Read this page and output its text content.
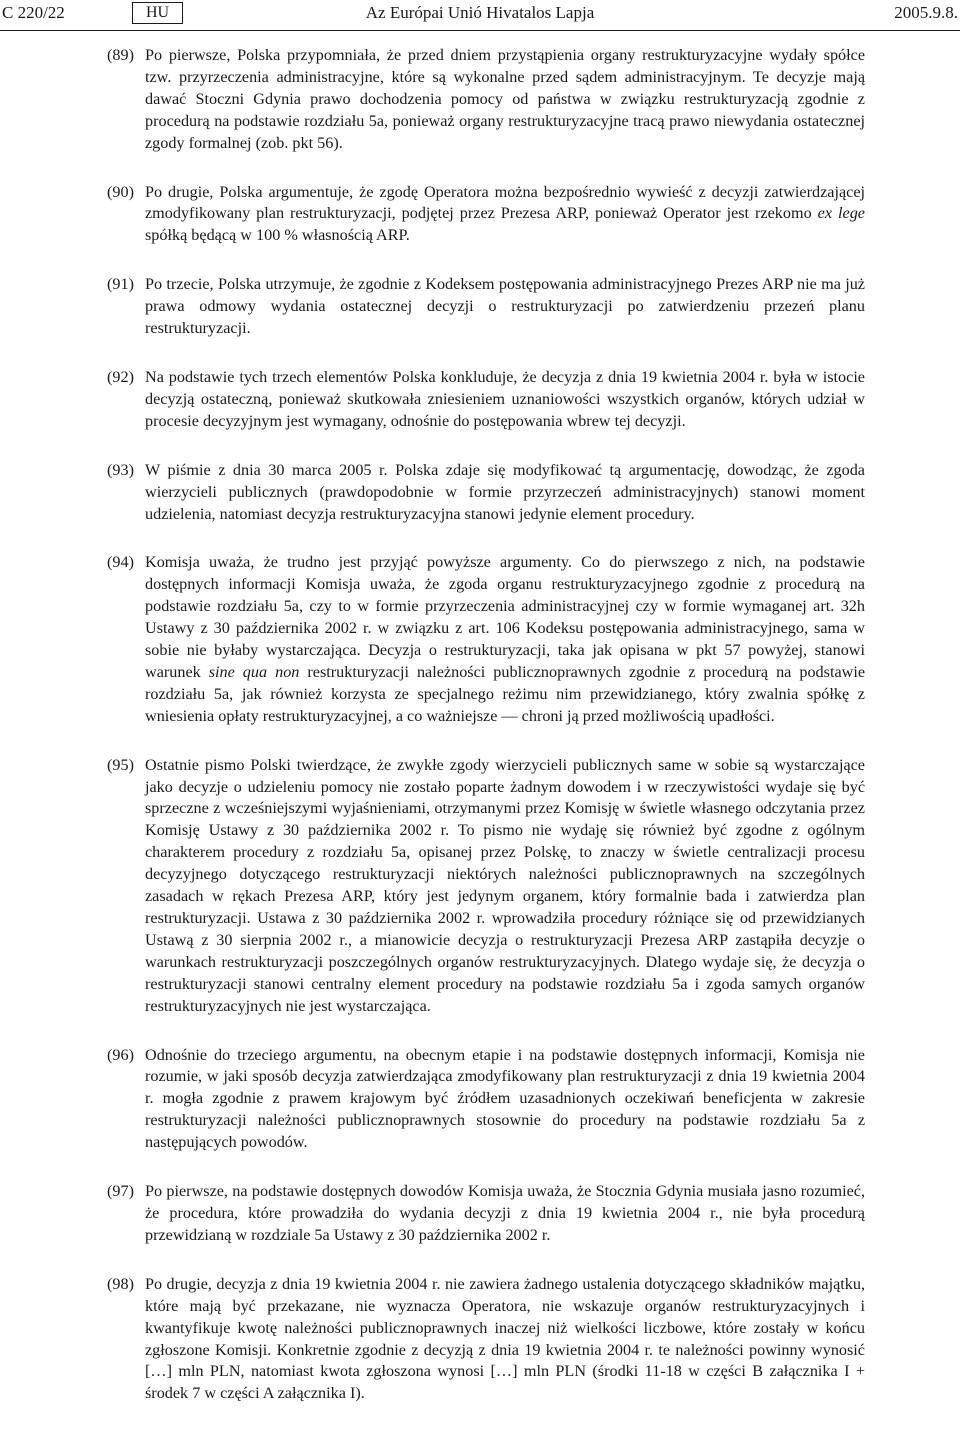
C 220/22	HU	Az Európai Unió Hivatalos Lapja	2005.9.8.
(89) Po pierwsze, Polska przypomniała, że przed dniem przystąpienia organy restrukturyzacyjne wydały spółce tzw. przyrzeczenia administracyjne, które są wykonalne przed sądem administracyjnym. Te decyzje mają dawać Stoczni Gdynia prawo dochodzenia pomocy od państwa w związku restrukturyzacją zgodnie z procedurą na podstawie rozdziału 5a, ponieważ organy restrukturyzacyjne tracą prawo niewydania ostatecznej zgody formalnej (zob. pkt 56).
(90) Po drugie, Polska argumentuje, że zgodę Operatora można bezpośrednio wywieść z decyzji zatwierdzającej zmodyfikowany plan restrukturyzacji, podjętej przez Prezesa ARP, ponieważ Operator jest rzekomo ex lege spółką będącą w 100 % własnością ARP.
(91) Po trzecie, Polska utrzymuje, że zgodnie z Kodeksem postępowania administracyjnego Prezes ARP nie ma już prawa odmowy wydania ostatecznej decyzji o restrukturyzacji po zatwierdzeniu przezeń planu restrukturyzacji.
(92) Na podstawie tych trzech elementów Polska konkluduje, że decyzja z dnia 19 kwietnia 2004 r. była w istocie decyzją ostateczną, ponieważ skutkowała zniesieniem uznaniowości wszystkich organów, których udział w procesie decyzyjnym jest wymagany, odnośnie do postępowania wbrew tej decyzji.
(93) W piśmie z dnia 30 marca 2005 r. Polska zdaje się modyfikować tą argumentację, dowodząc, że zgoda wierzycieli publicznych (prawdopodobnie w formie przyrzeczeń administracyjnych) stanowi moment udzielenia, natomiast decyzja restrukturyzacyjna stanowi jedynie element procedury.
(94) Komisja uważa, że trudno jest przyjąć powyższe argumenty. Co do pierwszego z nich, na podstawie dostępnych informacji Komisja uważa, że zgoda organu restrukturyzacyjnego zgodnie z procedurą na podstawie rozdziału 5a, czy to w formie przyrzeczenia administracyjnej czy w formie wymaganej art. 32h Ustawy z 30 października 2002 r. w związku z art. 106 Kodeksu postępowania administracyjnego, sama w sobie nie byłaby wystarczająca. Decyzja o restrukturyzacji, taka jak opisana w pkt 57 powyżej, stanowi warunek sine qua non restrukturyzacji należności publicznoprawnych zgodnie z procedurą na podstawie rozdziału 5a, jak również korzysta ze specjalnego reżimu nim przewidzianego, który zwalnia spółkę z wniesienia opłaty restrukturyzacyjnej, a co ważniejsze — chroni ją przed możliwością upadłości.
(95) Ostatnie pismo Polski twierdzące, że zwykłe zgody wierzycieli publicznych same w sobie są wystarczające jako decyzje o udzieleniu pomocy nie zostało poparte żadnym dowodem i w rzeczywistości wydaje się być sprzeczne z wcześniejszymi wyjaśnieniami, otrzymanymi przez Komisję w świetle własnego odczytania przez Komisję Ustawy z 30 października 2002 r. To pismo nie wydaję się również być zgodne z ogólnym charakterem procedury z rozdziału 5a, opisanej przez Polskę, to znaczy w świetle centralizacji procesu decyzyjnego dotyczącego restrukturyzacji niektórych należności publicznoprawnych na szczególnych zasadach w rękach Prezesa ARP, który jest jedynym organem, który formalnie bada i zatwierdza plan restrukturyzacji. Ustawa z 30 października 2002 r. wprowadziła procedury różniące się od przewidzianych Ustawą z 30 sierpnia 2002 r., a mianowicie decyzja o restrukturyzacji Prezesa ARP zastąpiła decyzje o warunkach restrukturyzacji poszczególnych organów restrukturyzacyjnych. Dlatego wydaje się, że decyzja o restrukturyzacji stanowi centralny element procedury na podstawie rozdziału 5a i zgoda samych organów restrukturyzacyjnych nie jest wystarczająca.
(96) Odnośnie do trzeciego argumentu, na obecnym etapie i na podstawie dostępnych informacji, Komisja nie rozumie, w jaki sposób decyzja zatwierdzająca zmodyfikowany plan restrukturyzacji z dnia 19 kwietnia 2004 r. mogła zgodnie z prawem krajowym być źródłem uzasadnionych oczekiwań beneficjenta w zakresie restrukturyzacji należności publicznoprawnych stosownie do procedury na podstawie rozdziału 5a z następujących powodów.
(97) Po pierwsze, na podstawie dostępnych dowodów Komisja uważa, że Stocznia Gdynia musiała jasno rozumieć, że procedura, które prowadziła do wydania decyzji z dnia 19 kwietnia 2004 r., nie była procedurą przewidzianą w rozdziale 5a Ustawy z 30 października 2002 r.
(98) Po drugie, decyzja z dnia 19 kwietnia 2004 r. nie zawiera żadnego ustalenia dotyczącego składników majątku, które mają być przekazane, nie wyznacza Operatora, nie wskazuje organów restrukturyzacyjnych i kwantyfikuje kwotę należności publicznoprawnych inaczej niż wielkości liczbowe, które zostały w końcu zgłoszone Komisji. Konkretnie zgodnie z decyzją z dnia 19 kwietnia 2004 r. te należności powinny wynosić […] mln PLN, natomiast kwota zgłoszona wynosi […] mln PLN (środki 11-18 w części B załącznika I + środek 7 w części A załącznika I).
